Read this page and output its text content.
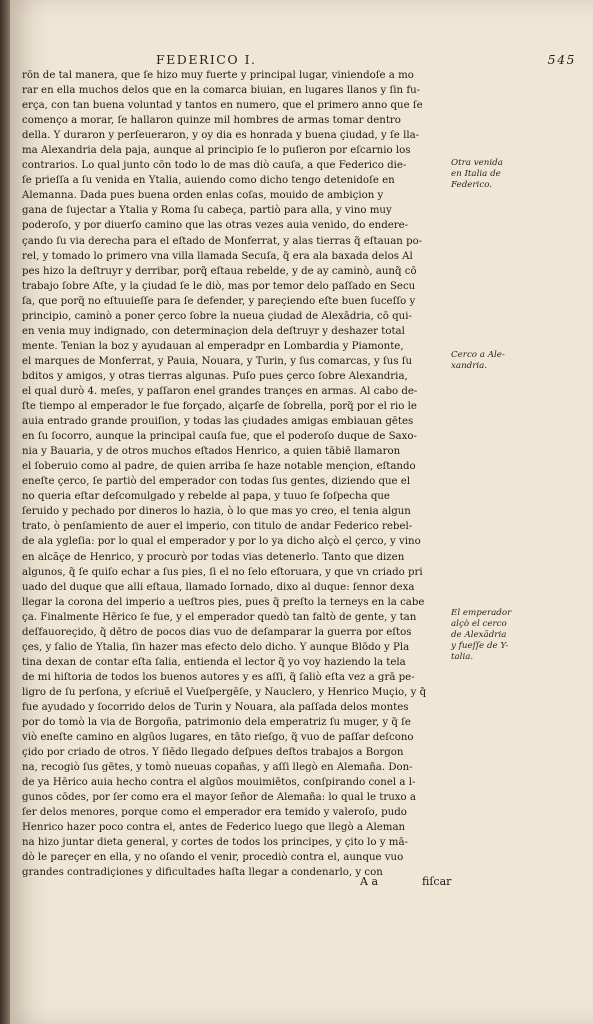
FEDERICO I.	545
rōn de tal manera, que ſe hizo muy fuerte y principal lugar, viniendoſe a mo
rar en ella muchos delos que en la comarca biuian, en lugares llanos y ſin fu-
erça, con tan buena voluntad y tantos en numero, que el primero anno que ſe
començo a morar, ſe hallaron quinze mil hombres de armas tomar dentro
della. Y duraron y perſeueraron, y oy dia es honrada y buena çiudad, y ſe lla-
ma Alexandria dela paja, aunque al principio ſe lo puſieron por eſcarnio los
contrarios. Lo qual junto cōn todo lo de mas diò cauſa, a que Federico die-
ſe prieſſa a ſu venida en Ytalia, auiendo como dicho tengo detenidoſe en
Alemanna. Dada pues buena orden enlas coſas, mouido de ambiçion y
gana de ſujectar a Ytalia y Roma ſu cabeça, partiò para alla, y vino muy
poderoſo, y por diuerſo camino que las otras vezes auia venido, do endere-
çando ſu via derecha para el eſtado de Monferrat, y alas tierras q̃ eſtauan po-
rel, y tomado lo primero vna villa llamada Secuſa, q̃ era ala baxada delos Al
pes hizo la deſtruyr y derribar, porq̃ eſtaua rebelde, y de ay caminò, aunq̃ cō
trabajo ſobre Aſte, y la çiudad ſe le diò, mas por temor delo paſſado en Secu
ſa, que porq̃ no eſtuuieſſe para ſe defender, y pareçiendo eſte buen ſuceſſo y
principio, caminò a poner çerco ſobre la nueua çiudad de Alexādria, cō qui-
en venia muy indignado, con determinaçion dela deſtruyr y deshazer total
mente. Tenian la boz y ayudauan al emperadpr en Lombardia y Piamonte,
el marques de Monferrat, y Pauia, Nouara, y Turin, y ſus comarcas, y ſus ſu
bditos y amigos, y otras tierras algunas. Puſo pues çerco ſobre Alexandria,
el qual durò 4. meſes, y paſſaron enel grandes trançes en armas. Al cabo de-
ſte tiempo al emperador le fue forçado, alçarſe de ſobrella, porq̃ por el rio le
auia entrado grande prouiſion, y todas las çiudades amigas embiauan gētes
en ſu ſocorro, aunque la principal cauſa fue, que el poderoſo duque de Saxo-
nia y Bauaria, y de otros muchos eſtados Henrico, a quien tābiē llamaron
el ſoberuio como al padre, de quien arriba ſe haze notable mençion, eſtando
eneſte çerco, ſe partiò del emperador con todas ſus gentes, diziendo que el
no queria eſtar deſcomulgado y rebelde al papa, y tuuo ſe ſoſpecha que
ſeruido y pechado por dineros lo hazia, ò lo que mas yo creo, el tenia algun
trato, ò penſamiento de auer el imperio, con titulo de andar Federico rebel-
de ala ygleſia: por lo qual el emperador y por lo ya dicho alçò el çerco, y vino
en alcãçe de Henrico, y procurò por todas vias detenerlo. Tanto que dizen
algunos, q̃ ſe quiſo echar a ſus pies, ſi el no ſelo eſtoruara, y que vn criado pri
uado del duque que alli eſtaua, llamado Iornado, dixo al duque: ſennor dexa
llegar la corona del imperio a ueſtros pies, pues q̃ preſto la terneys en la cabe
ça. Finalmente Hērico ſe fue, y el emperador quedò tan faltò de gente, y tan
deſfauoreçido, q̃ dētro de pocos dias vuo de deſamparar la guerra por eſtos
çes, y ſalio de Ytalia, ſin hazer mas efecto delo dicho. Y aunque Blōdo y Pla
tina dexan de contar eſta ſalia, entienda el lector q̃ yo voy haziendo la tela
de mi hiſtoria de todos los buenos autores y es aſſi, q̃ ſaliò eſta vez a grā pe-
ligro de ſu perſona, y eſcriuē el Vueſpergēſe, y Nauclero, y Henrico Muçio, y q̃
fue ayudado y ſocorrido delos de Turin y Nouara, ala paſſada delos montes
por do tomò la via de Borgoña, patrimonio dela emperatriz ſu muger, y q̃ ſe
viò eneſte camino en algūos lugares, en tāto rieſgo, q̃ vuo de paſſar deſcono
çido por criado de otros. Y ſiēdo llegado deſpues deſtos trabajos a Borgon
na, recogiò ſus gētes, y tomò nueuas copañas, y aſſi llegò en Alemaña. Don-
de ya Hērico auia hecho contra el algūos mouimiētos, conſpirando conel a l-
gunos cōdes, por ſer como era el mayor ſeñor de Alemaña: lo qual le truxo a
ſer delos menores, porque como el emperador era temido y valeroſo, pudo
Henrico hazer poco contra el, antes de Federico luego que llegò a Aleman
na hizo juntar dieta general, y cortes de todos los principes, y çito lo y mā-
dò le pareçer en ella, y no oſando el venir, procediò contra el, aunque vuo
grandes contradiçiones y dificultades haſta llegar a condenarlo, y con
Otra venida
en Italia de
Federico.
Cerco a Ale-
xandria.
El emperador
alçò el cerco
de Alexādria
y fueſſe de Y-
talia.
A a	fiſcar
